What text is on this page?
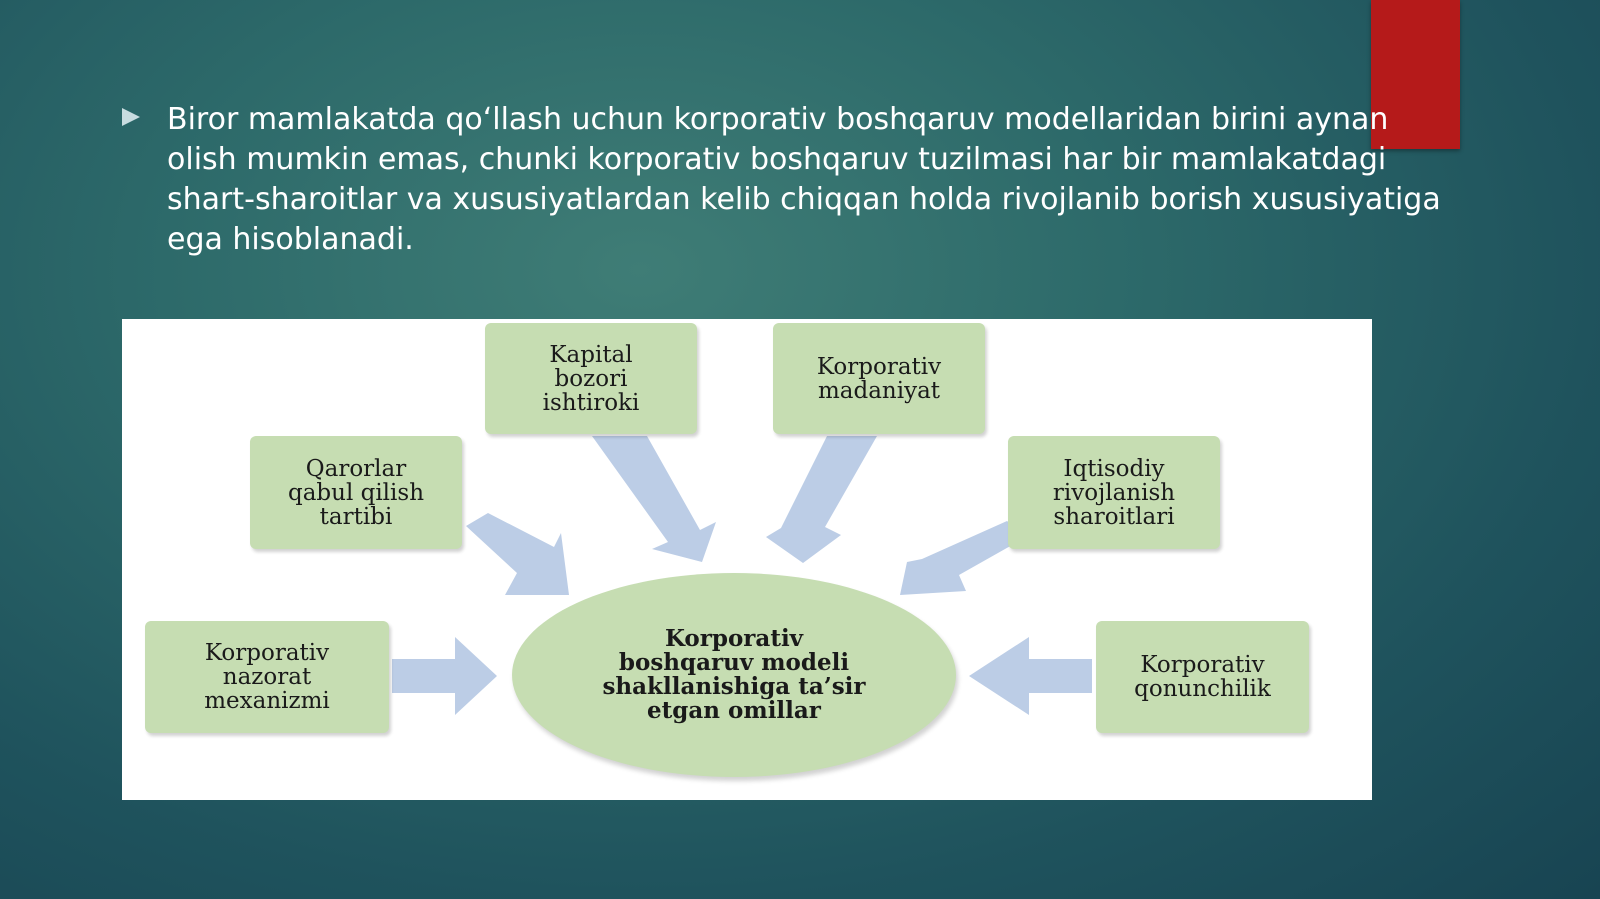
Biror mamlakatda qo‘llash uchun korporativ boshqaruv modellaridan birini aynan olish mumkin emas, chunki korporativ boshqaruv tuzilmasi har bir mamlakatdagi shart-sharoitlar va xususiyatlardan kelib chiqqan holda rivojlanib borish xususiyatiga ega hisoblanadi.

Kapital
bozori
ishtiroki
Korporativ
madaniyat
Qarorlar
qabul qilish
tartibi
Iqtisodiy
rivojlanish
sharoitlari
Korporativ
nazorat
mexanizmi
Korporativ
qonunchilik
Korporativ
boshqaruv modeli
shakllanishiga ta’sir
etgan omillar
